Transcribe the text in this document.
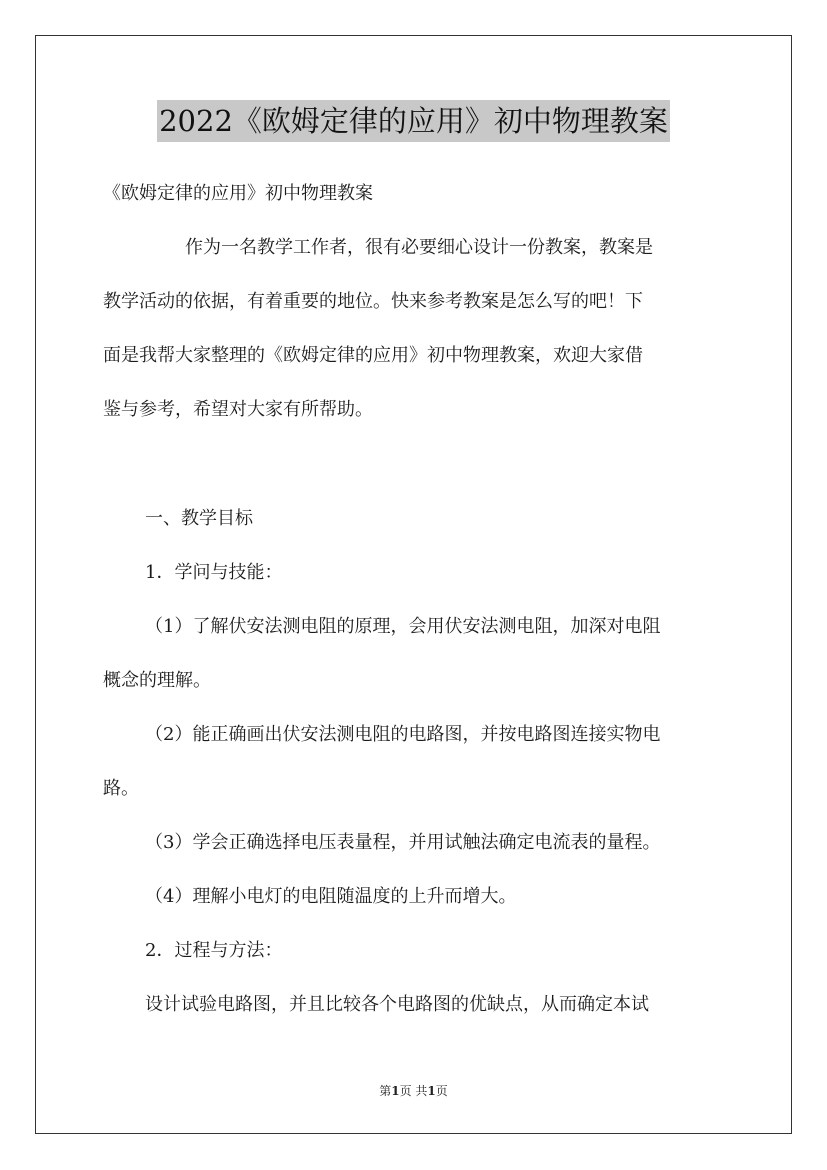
2022《欧姆定律的应用》初中物理教案
《欧姆定律的应用》初中物理教案
作为一名教学工作者，很有必要细心设计一份教案，教案是
教学活动的依据，有着重要的地位。快来参考教案是怎么写的吧！下
面是我帮大家整理的《欧姆定律的应用》初中物理教案，欢迎大家借
鉴与参考，希望对大家有所帮助。
一、教学目标
1．学问与技能：
（1）了解伏安法测电阻的原理，会用伏安法测电阻，加深对电阻
概念的理解。
（2）能正确画出伏安法测电阻的电路图，并按电路图连接实物电
路。
（3）学会正确选择电压表量程，并用试触法确定电流表的量程。
（4）理解小电灯的电阻随温度的上升而增大。
2．过程与方法：
设计试验电路图，并且比较各个电路图的优缺点，从而确定本试
第1页 共1页
